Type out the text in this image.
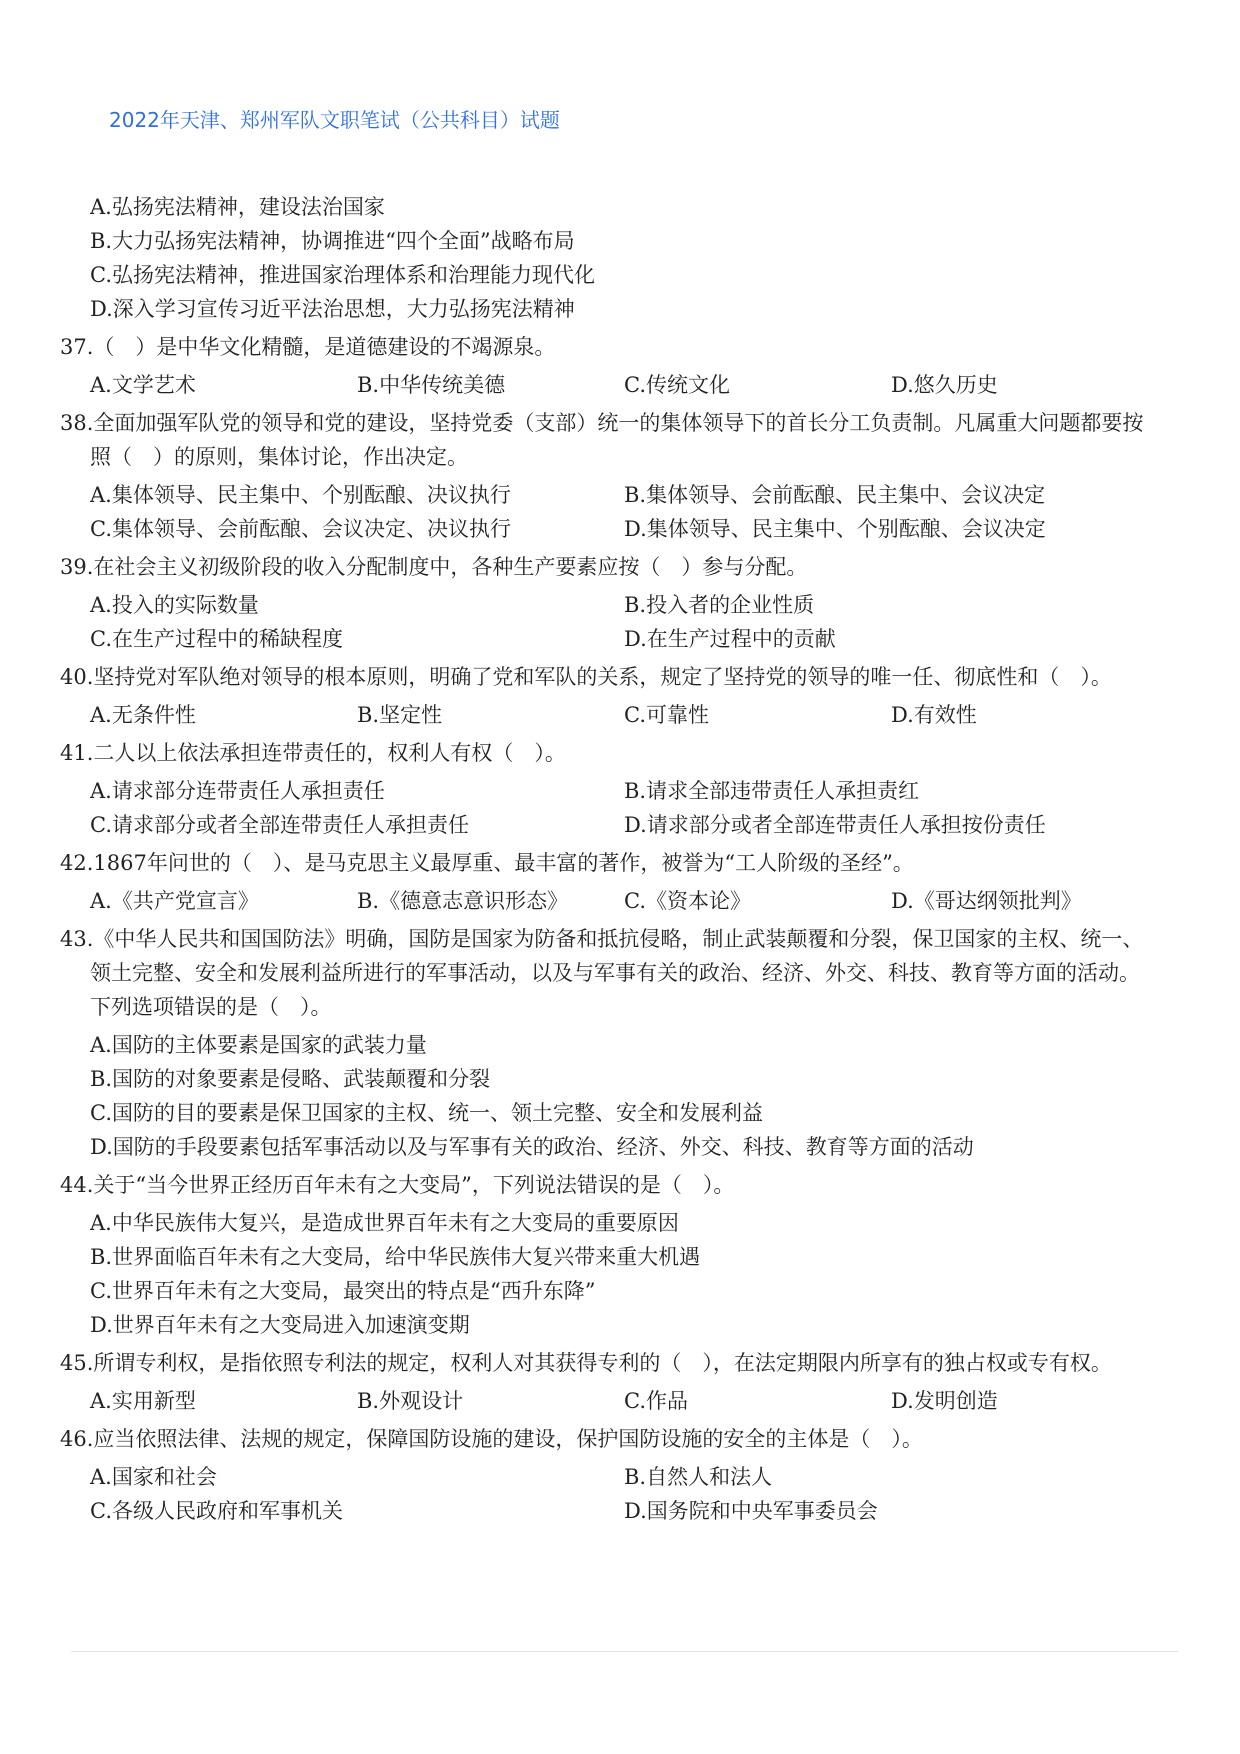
2022年天津、郑州军队文职笔试（公共科目）试题
A.弘扬宪法精神，建设法治国家
B.大力弘扬宪法精神，协调推进“四个全面”战略布局
C.弘扬宪法精神，推进国家治理体系和治理能力现代化
D.深入学习宣传习近平法治思想，大力弘扬宪法精神
37.（　）是中华文化精髓，是道德建设的不竭源泉。
A.文学艺术	B.中华传统美德	C.传统文化	D.悠久历史
38.全面加强军队党的领导和党的建设，坚持党委（支部）统一的集体领导下的首长分工负责制。凡属重大问题都要按照（　）的原则，集体讨论，作出决定。
A.集体领导、民主集中、个别酝酿、决议执行	B.集体领导、会前酝酿、民主集中、会议决定
C.集体领导、会前酝酿、会议决定、决议执行	D.集体领导、民主集中、个别酝酿、会议决定
39.在社会主义初级阶段的收入分配制度中，各种生产要素应按（　）参与分配。
A.投入的实际数量	B.投入者的企业性质
C.在生产过程中的稀缺程度	D.在生产过程中的贡献
40.坚持党对军队绝对领导的根本原则，明确了党和军队的关系，规定了坚持党的领导的唯一任、彻底性和（　）。
A.无条件性	B.坚定性	C.可靠性	D.有效性
41.二人以上依法承担连带责任的，权利人有权（　）。
A.请求部分连带责任人承担责任	B.请求全部违带责任人承担责红
C.请求部分或者全部连带责任人承担责任	D.请求部分或者全部连带责任人承担按份责任
42.1867年问世的（　）、是马克思主义最厚重、最丰富的著作，被誉为“工人阶级的圣经”。
A.《共产党宣言》	B.《德意志意识形态》	C.《资本论》	D.《哥达纲领批判》
43.《中华人民共和国国防法》明确，国防是国家为防备和抵抗侵略，制止武装颠覆和分裂，保卫国家的主权、统一、领土完整、安全和发展利益所进行的军事活动，以及与军事有关的政治、经济、外交、科技、教育等方面的活动。下列选项错误的是（　）。
A.国防的主体要素是国家的武装力量
B.国防的对象要素是侵略、武装颠覆和分裂
C.国防的目的要素是保卫国家的主权、统一、领土完整、安全和发展利益
D.国防的手段要素包括军事活动以及与军事有关的政治、经济、外交、科技、教育等方面的活动
44.关于“当今世界正经历百年未有之大变局”，下列说法错误的是（　）。
A.中华民族伟大复兴，是造成世界百年未有之大变局的重要原因
B.世界面临百年未有之大变局，给中华民族伟大复兴带来重大机遇
C.世界百年未有之大变局，最突出的特点是“西升东降”
D.世界百年未有之大变局进入加速演变期
45.所谓专利权，是指依照专利法的规定，权利人对其获得专利的（　），在法定期限内所享有的独占权或专有权。
A.实用新型	B.外观设计	C.作品	D.发明创造
46.应当依照法律、法规的规定，保障国防设施的建设，保护国防设施的安全的主体是（　）。
A.国家和社会	B.自然人和法人
C.各级人民政府和军事机关	D.国务院和中央军事委员会
